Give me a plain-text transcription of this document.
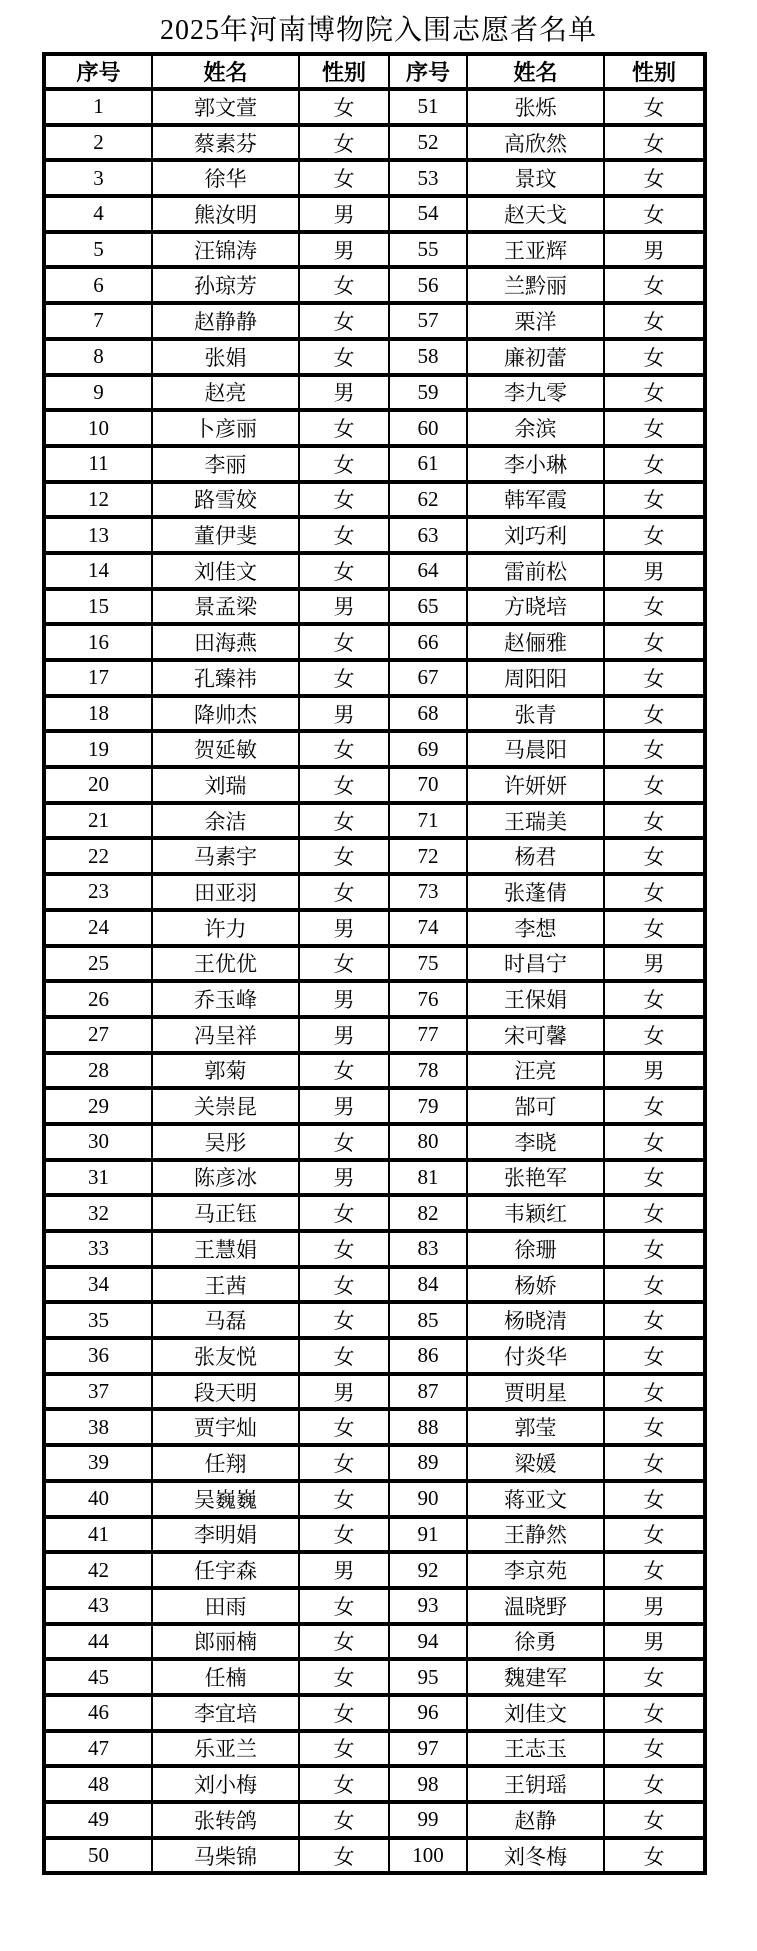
2025年河南博物院入围志愿者名单
序号	姓名	性别	序号	姓名	性别
1	郭文萱	女	51	张烁	女
2	蔡素芬	女	52	高欣然	女
3	徐华	女	53	景玟	女
4	熊汝明	男	54	赵天戈	女
5	汪锦涛	男	55	王亚辉	男
6	孙琼芳	女	56	兰黔丽	女
7	赵静静	女	57	栗洋	女
8	张娟	女	58	廉初蕾	女
9	赵亮	男	59	李九零	女
10	卜彦丽	女	60	余滨	女
11	李丽	女	61	李小琳	女
12	路雪姣	女	62	韩军霞	女
13	董伊斐	女	63	刘巧利	女
14	刘佳文	女	64	雷前松	男
15	景孟梁	男	65	方晓培	女
16	田海燕	女	66	赵俪雅	女
17	孔臻祎	女	67	周阳阳	女
18	降帅杰	男	68	张青	女
19	贺延敏	女	69	马晨阳	女
20	刘瑞	女	70	许妍妍	女
21	余洁	女	71	王瑞美	女
22	马素宇	女	72	杨君	女
23	田亚羽	女	73	张蓬倩	女
24	许力	男	74	李想	女
25	王优优	女	75	时昌宁	男
26	乔玉峰	男	76	王保娟	女
27	冯呈祥	男	77	宋可馨	女
28	郭菊	女	78	汪亮	男
29	关崇昆	男	79	郜可	女
30	吴彤	女	80	李晓	女
31	陈彦冰	男	81	张艳军	女
32	马正钰	女	82	韦颖红	女
33	王慧娟	女	83	徐珊	女
34	王茜	女	84	杨娇	女
35	马磊	女	85	杨晓清	女
36	张友悦	女	86	付炎华	女
37	段天明	男	87	贾明星	女
38	贾宇灿	女	88	郭莹	女
39	任翔	女	89	梁媛	女
40	吴巍巍	女	90	蒋亚文	女
41	李明娟	女	91	王静然	女
42	任宇森	男	92	李京苑	女
43	田雨	女	93	温晓野	男
44	郎丽楠	女	94	徐勇	男
45	任楠	女	95	魏建军	女
46	李宜培	女	96	刘佳文	女
47	乐亚兰	女	97	王志玉	女
48	刘小梅	女	98	王钥瑶	女
49	张转鸽	女	99	赵静	女
50	马柴锦	女	100	刘冬梅	女
